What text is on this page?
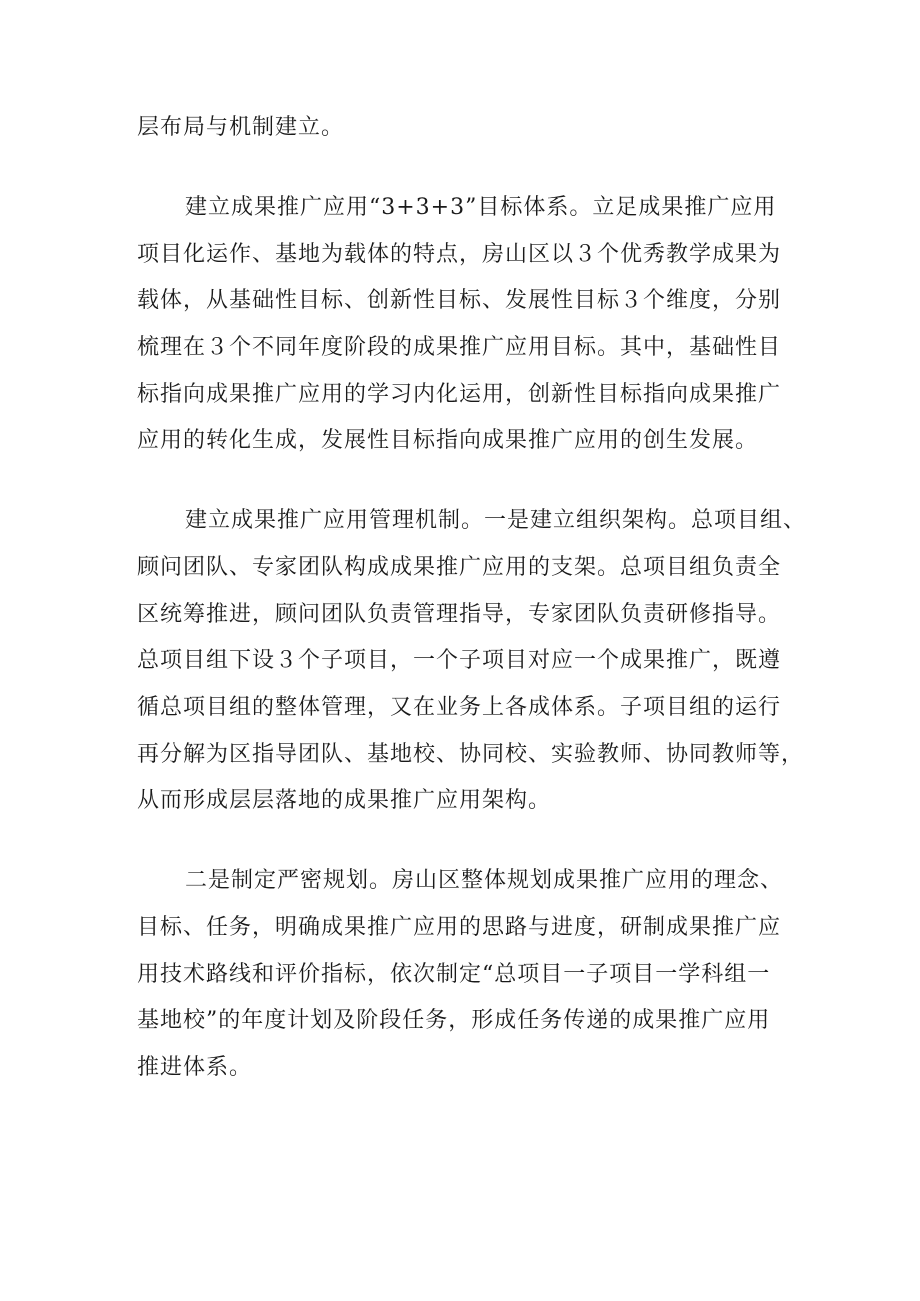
层布局与机制建立。
建立成果推广应用“3+3+3”目标体系。立足成果推广应用
项目化运作、基地为载体的特点，房山区以３个优秀教学成果为
载体，从基础性目标、创新性目标、发展性目标３个维度，分别
梳理在３个不同年度阶段的成果推广应用目标。其中，基础性目
标指向成果推广应用的学习内化运用，创新性目标指向成果推广
应用的转化生成，发展性目标指向成果推广应用的创生发展。
建立成果推广应用管理机制。一是建立组织架构。总项目组、
顾问团队、专家团队构成成果推广应用的支架。总项目组负责全
区统筹推进，顾问团队负责管理指导，专家团队负责研修指导。
总项目组下设３个子项目，一个子项目对应一个成果推广，既遵
循总项目组的整体管理，又在业务上各成体系。子项目组的运行
再分解为区指导团队、基地校、协同校、实验教师、协同教师等，
从而形成层层落地的成果推广应用架构。
二是制定严密规划。房山区整体规划成果推广应用的理念、
目标、任务，明确成果推广应用的思路与进度，研制成果推广应
用技术路线和评价指标，依次制定“总项目一子项目一学科组一
基地校”的年度计划及阶段任务，形成任务传递的成果推广应用
推进体系。
